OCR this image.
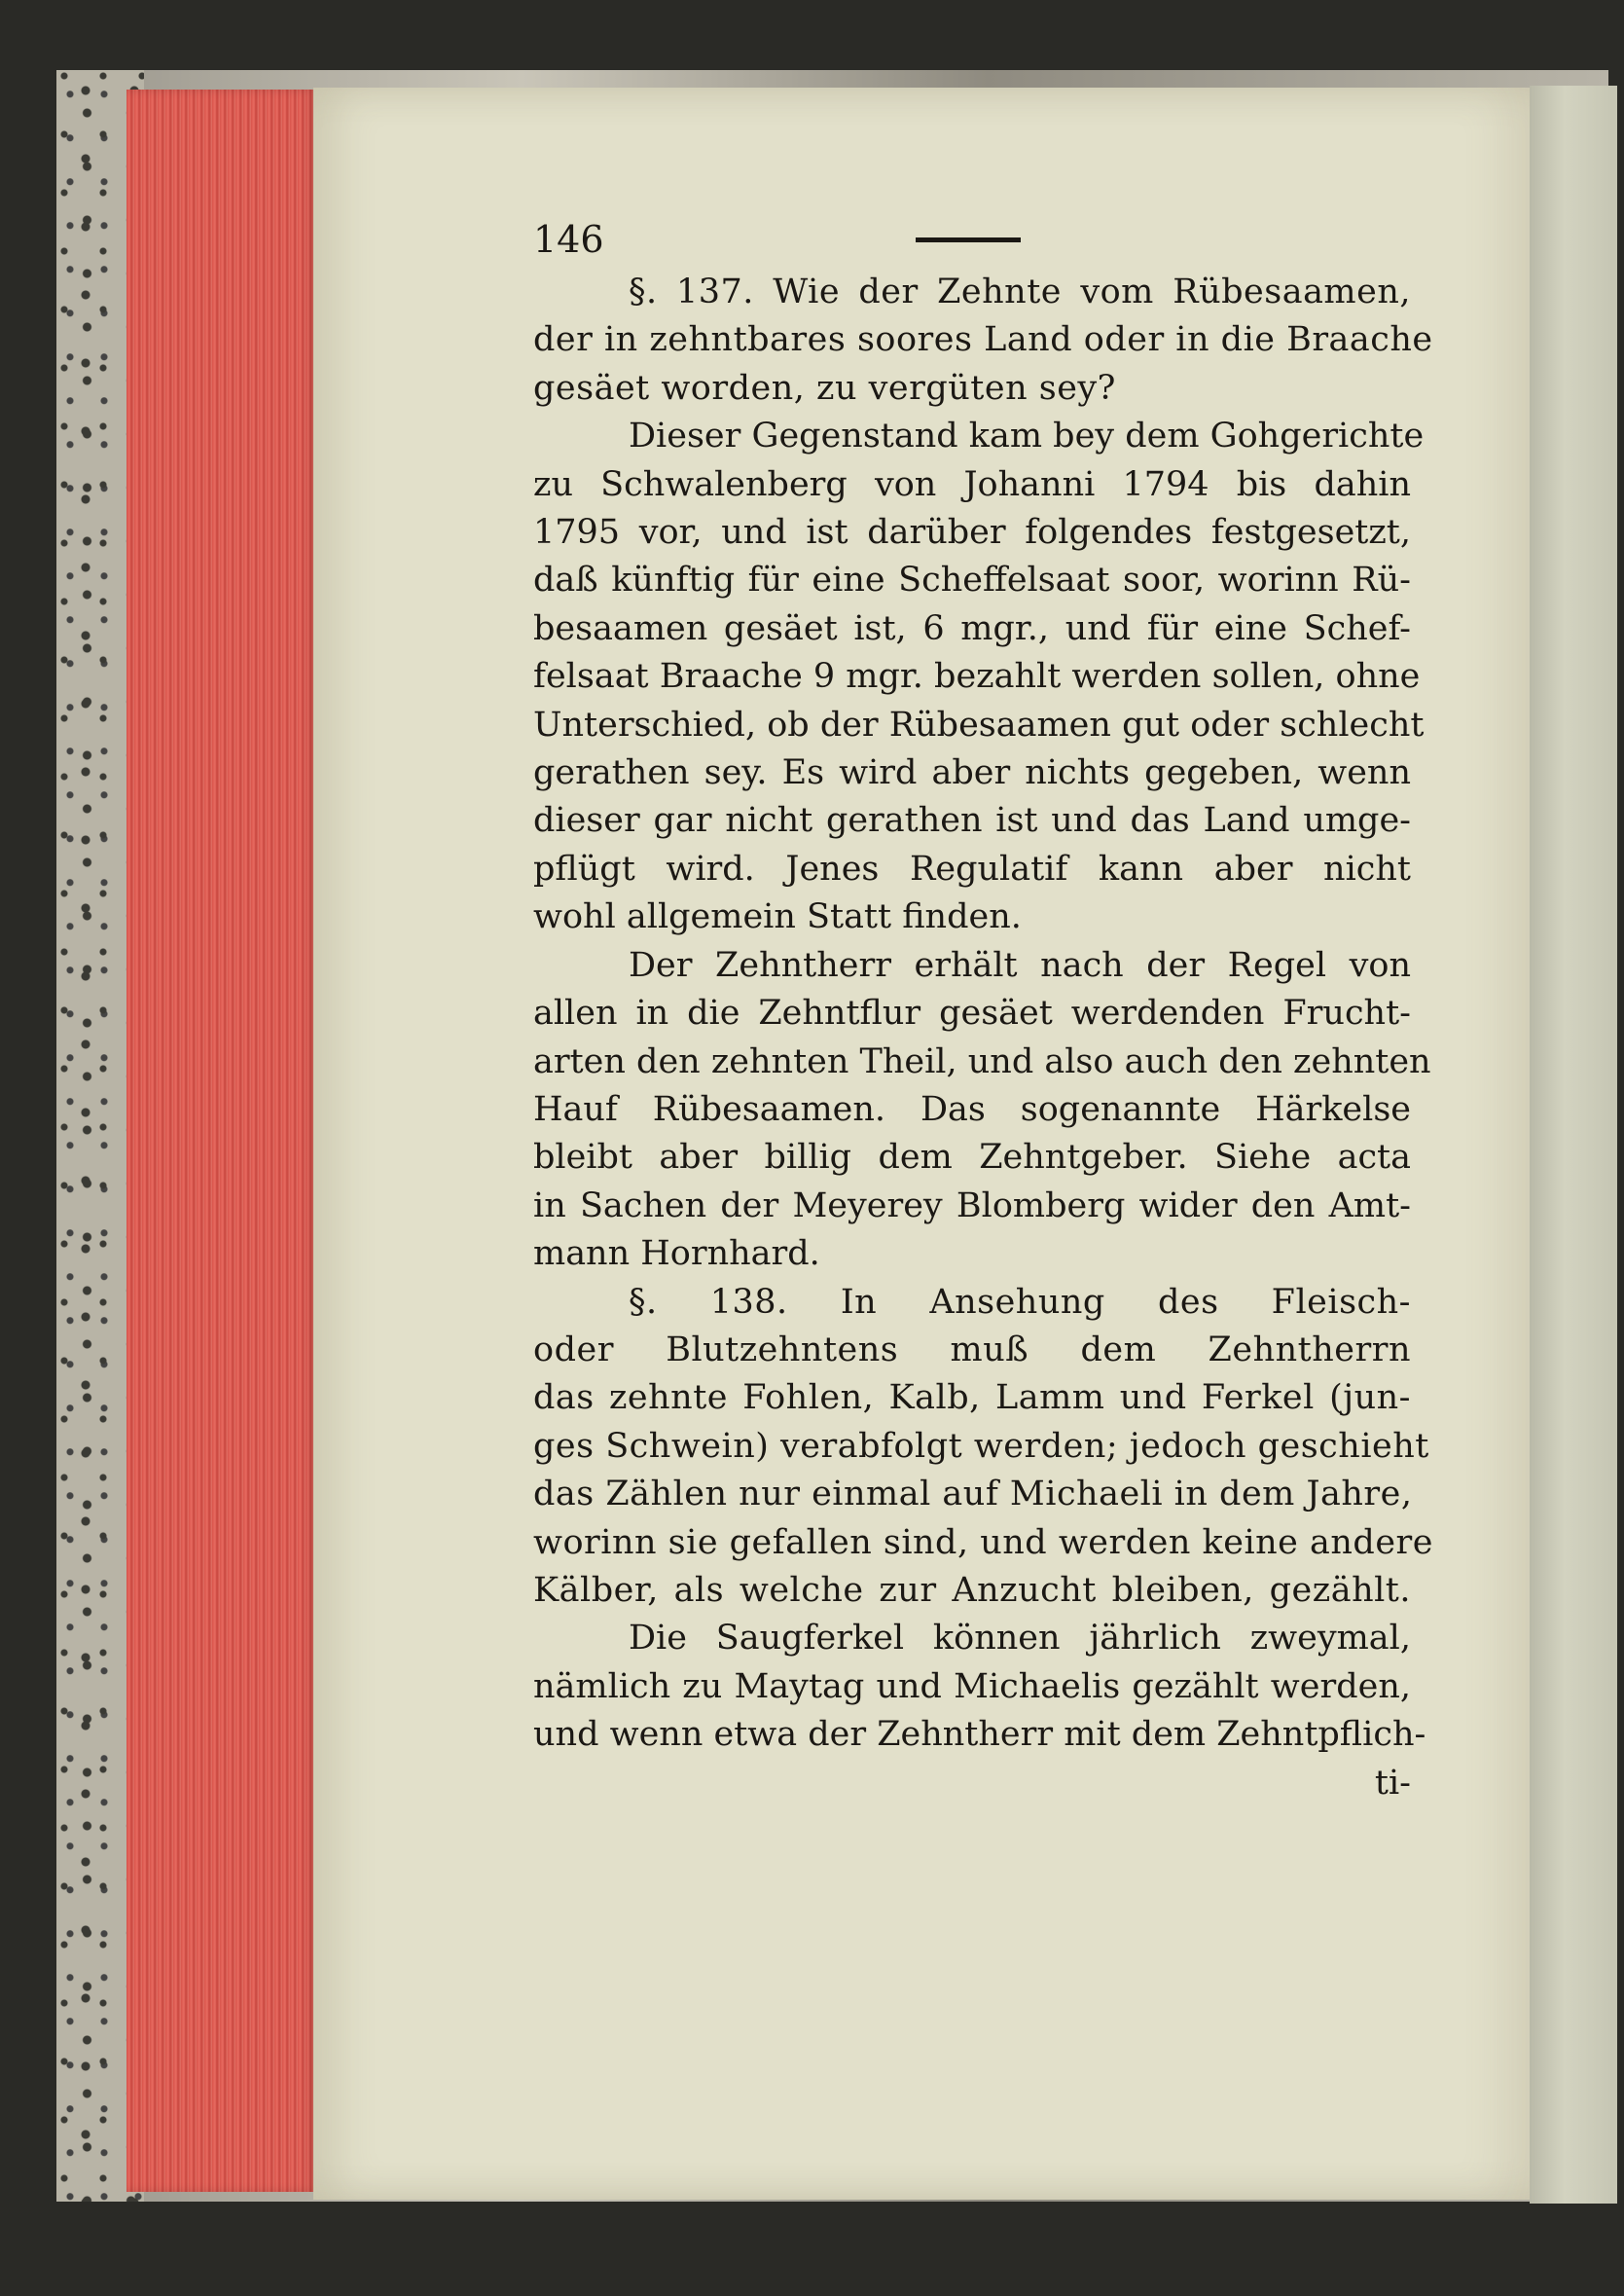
146
§. 137. Wie der Zehnte vom Rübesaamen,
der in zehntbares soores Land oder in die Braache
gesäet worden, zu vergüten sey?
Dieser Gegenstand kam bey dem Gohgerichte
zu Schwalenberg von Johanni 1794 bis dahin
1795 vor, und ist darüber folgendes festgesetzt,
daß künftig für eine Scheffelsaat soor, worinn Rü-
besaamen gesäet ist, 6 mgr., und für eine Schef-
felsaat Braache 9 mgr. bezahlt werden sollen, ohne
Unterschied, ob der Rübesaamen gut oder schlecht
gerathen sey. Es wird aber nichts gegeben, wenn
dieser gar nicht gerathen ist und das Land umge-
pflügt wird. Jenes Regulatif kann aber nicht
wohl allgemein Statt finden.
Der Zehntherr erhält nach der Regel von
allen in die Zehntflur gesäet werdenden Frucht-
arten den zehnten Theil, und also auch den zehnten
Hauf Rübesaamen. Das sogenannte Härkelse
bleibt aber billig dem Zehntgeber. Siehe acta
in Sachen der Meyerey Blomberg wider den Amt-
mann Hornhard.
§. 138. In Ansehung des Fleisch-
oder Blutzehntens muß dem Zehntherrn
das zehnte Fohlen, Kalb, Lamm und Ferkel (jun-
ges Schwein) verabfolgt werden; jedoch geschieht
das Zählen nur einmal auf Michaeli in dem Jahre,
worinn sie gefallen sind, und werden keine andere
Kälber, als welche zur Anzucht bleiben, gezählt.
Die Saugferkel können jährlich zweymal,
nämlich zu Maytag und Michaelis gezählt werden,
und wenn etwa der Zehntherr mit dem Zehntpflich-
ti-
